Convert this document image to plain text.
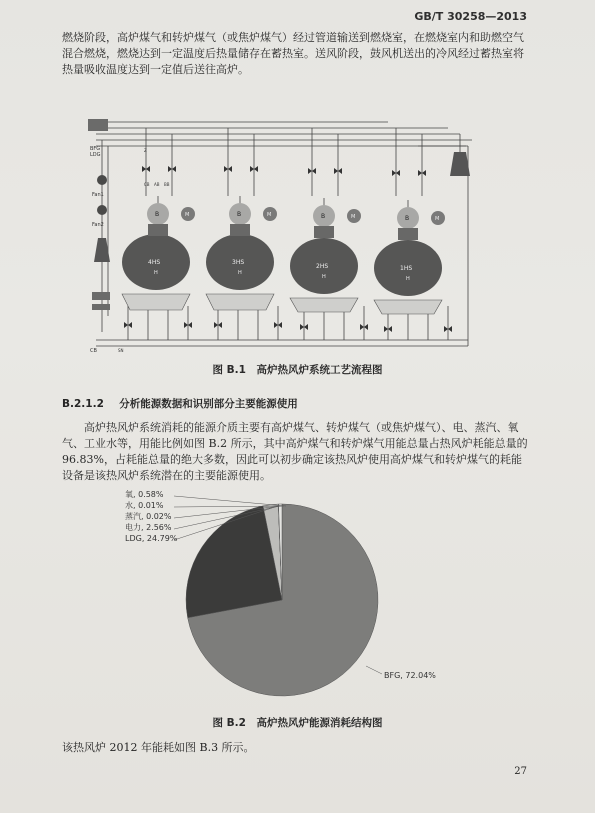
GB/T 30258—2013

燃烧阶段，高炉煤气和转炉煤气（或焦炉煤气）经过管道输送到燃烧室，在燃烧室内和助燃空气混合燃烧，燃烧达到一定温度后热量储存在蓄热室。送风阶段，鼓风机送出的冷风经过蓄热室将热量吸收温度达到一定值后送往高炉。

BFG
LDG
Fan1
Fan2
4HS
H
B	M
3HS
H
B	M
2HS
H
B	M
1HS
H
B	M
CB AB BB
Z
CB	SN
图 B.1　高炉热风炉系统工艺流程图
B.2.1.2 分析能源数据和识别部分主要能源使用

高炉热风炉系统消耗的能源介质主要有高炉煤气、转炉煤气（或焦炉煤气）、电、蒸汽、氧气、工业水等，用能比例如图 B.2 所示，其中高炉煤气和转炉煤气用能总量占热风炉耗能总量的 96.83%，占耗能总量的绝大多数，因此可以初步确定该热风炉使用高炉煤气和转炉煤气的耗能设备是该热风炉系统潜在的主要能源使用。

BFG, 72.04%
LDG, 24.79%
电力, 2.56%
蒸汽, 0.02%
水, 0.01%
氧, 0.58%
图 B.2　高炉热风炉能源消耗结构图
该热风炉 2012 年能耗如图 B.3 所示。
27
